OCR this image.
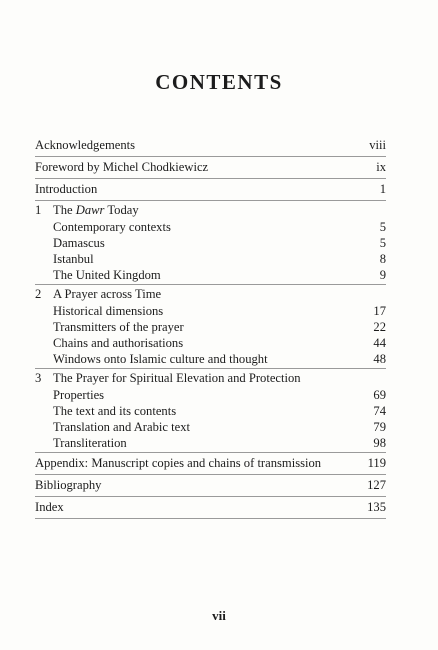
CONTENTS
Acknowledgements	viii
Foreword by Michel Chodkiewicz	ix
Introduction	1
1 The Dawr Today
Contemporary contexts	5
Damascus	5
Istanbul	8
The United Kingdom	9
2 A Prayer across Time
Historical dimensions	17
Transmitters of the prayer	22
Chains and authorisations	44
Windows onto Islamic culture and thought	48
3 The Prayer for Spiritual Elevation and Protection
Properties	69
The text and its contents	74
Translation and Arabic text	79
Transliteration	98
Appendix: Manuscript copies and chains of transmission	119
Bibliography	127
Index	135
vii
